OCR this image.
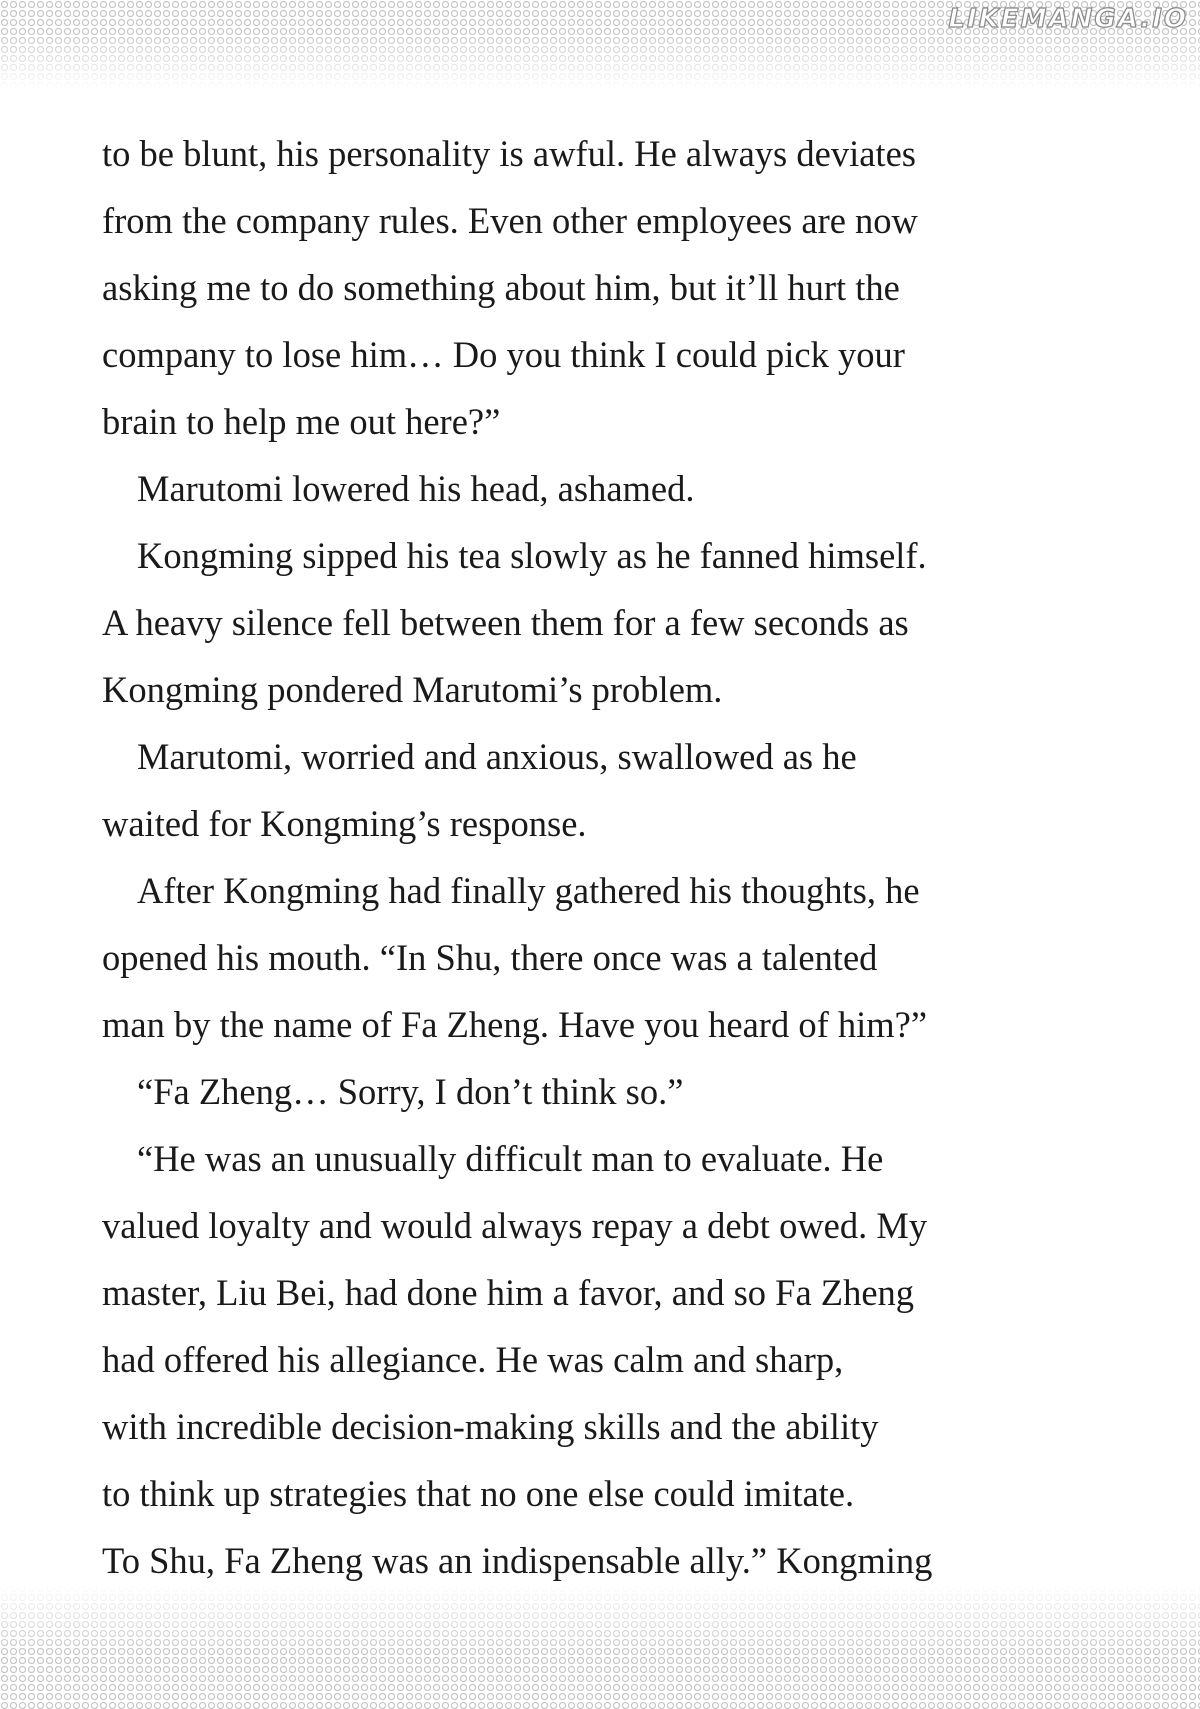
LIKEMANGA.IO
to be blunt, his personality is awful. He always deviates
from the company rules. Even other employees are now
asking me to do something about him, but it’ll hurt the
company to lose him… Do you think I could pick your
brain to help me out here?”
Marutomi lowered his head, ashamed.
Kongming sipped his tea slowly as he fanned himself.
A heavy silence fell between them for a few seconds as
Kongming pondered Marutomi’s problem.
Marutomi, worried and anxious, swallowed as he
waited for Kongming’s response.
After Kongming had finally gathered his thoughts, he
opened his mouth. “In Shu, there once was a talented
man by the name of Fa Zheng. Have you heard of him?”
“Fa Zheng… Sorry, I don’t think so.”
“He was an unusually difficult man to evaluate. He
valued loyalty and would always repay a debt owed. My
master, Liu Bei, had done him a favor, and so Fa Zheng
had offered his allegiance. He was calm and sharp,
with incredible decision-making skills and the ability
to think up strategies that no one else could imitate.
To Shu, Fa Zheng was an indispensable ally.” Kongming
